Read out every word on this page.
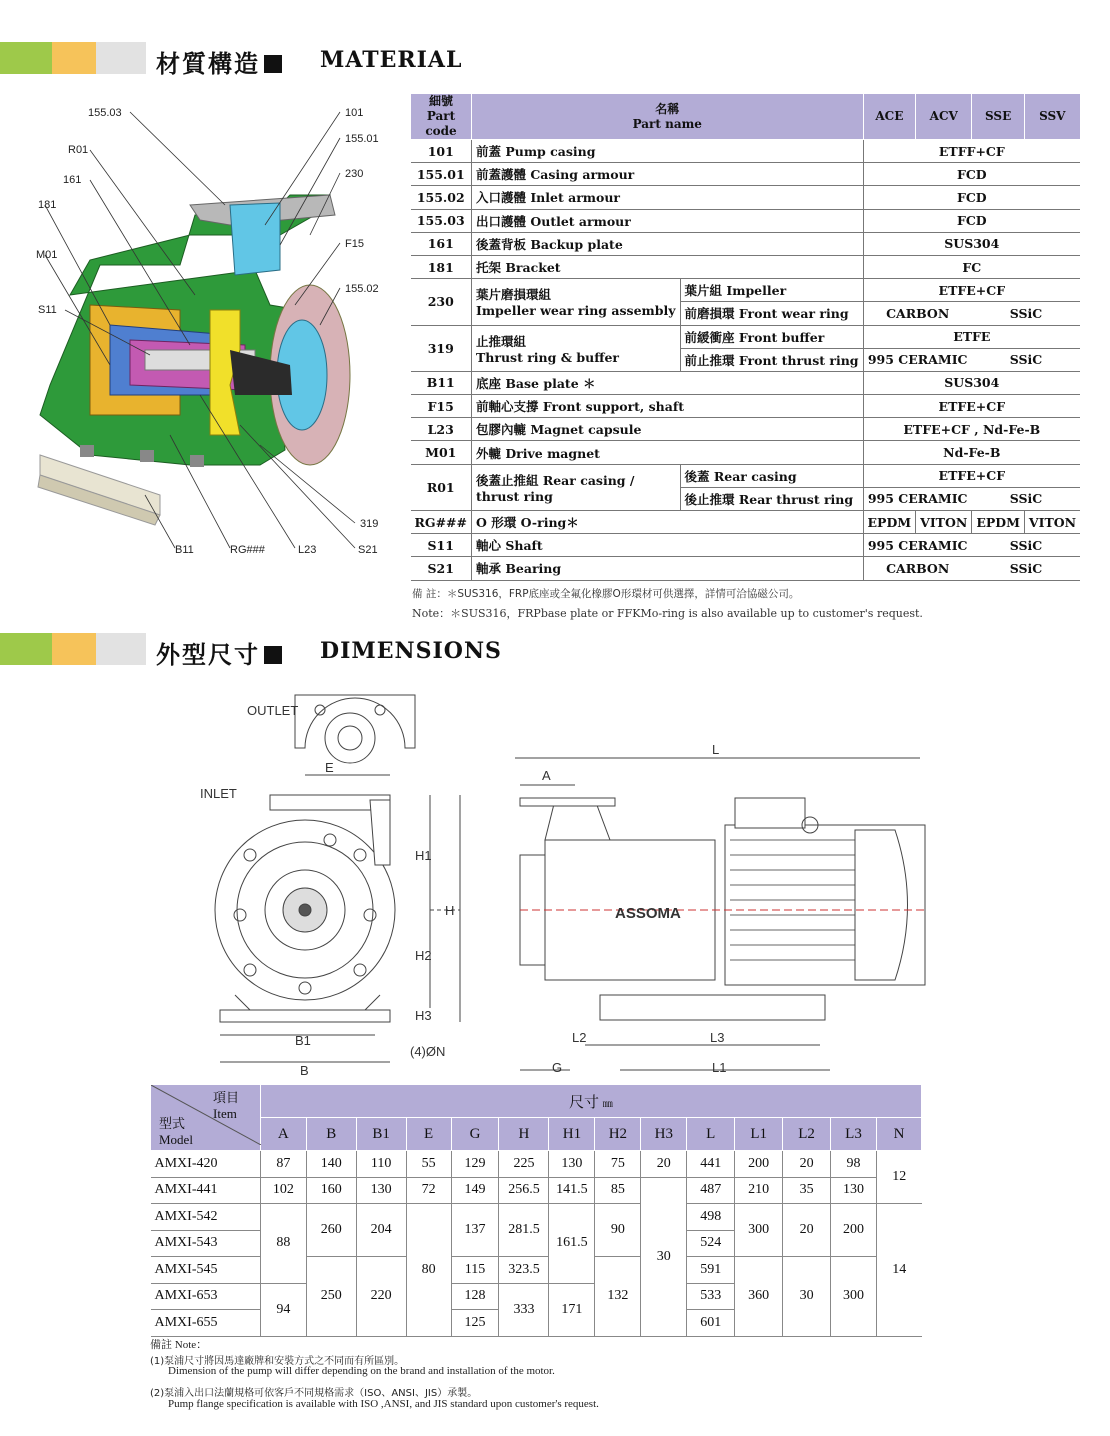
材質構造	MATERIAL
155.03
R01
161
181
M01
S11
101
155.01
230
F15
155.02
319
B11	RG###	L23	S21
細號
Part code	名稱
Part name		ACE	ACV	SSE	SSV
101	前蓋 Pump casing		ETFF+CF			
155.01	前蓋護體 Casing armour		FCD			
155.02	入口護體 Inlet armour		FCD			
155.03	出口護體 Outlet armour		FCD			
161	後蓋背板 Backup plate		SUS304			
181	托架 Bracket		FC			
230	葉片磨損環組
Impeller wear ring assembly	葉片組 Impeller	ETFE+CF			
		前磨損環 Front wear ring	CARBON		SSiC	
319	止推環組
Thrust ring & buffer	前緩衝座 Front buffer	ETFE			
		前止推環 Front thrust ring	995 CERAMIC		SSiC	
B11	底座 Base plate ＊		SUS304			
F15	前軸心支撐 Front support, shaft		ETFE+CF			
L23	包膠內轆 Magnet capsule		ETFE+CF , Nd-Fe-B			
M01	外轆 Drive magnet		Nd-Fe-B			
R01	後蓋止推組 Rear casing /
thrust ring	後蓋 Rear casing	ETFE+CF			
		後止推環 Rear thrust ring	995 CERAMIC		SSiC	
RG###	O 形環 O-ring＊		EPDM	VITON	EPDM	VITON
S11	軸心 Shaft		995 CERAMIC		SSiC	
S21	軸承 Bearing		CARBON		SSiC	
備 註：＊SUS316，FRP底座或全氟化橡膠O形環材可供選擇，詳情可洽協磁公司。
Note：＊SUS316，FRPbase plate or FFKMo-ring is also available up to customer's request.
外型尺寸	DIMENSIONS
OUTLET
INLET
E
H1
H
H2
H3
B1
B
(4)ØN
L
A
ASSOMA
L2	L3
G	L1
項目
Item
型式
Model	尺寸 ㎜													
	A	B	B1	E	G	H	H1	H2	H3	L	L1	L2	L3	N
AMXI-420	87	140	110	55	129	225	130	75	20	441	200	20	98	12
AMXI-441	102	160	130	72	149	256.5	141.5	85	30	487	210	35	130	
AMXI-542	88	260	204	80	137	281.5	161.5	90		498	300	20	200	14
AMXI-543										524				
AMXI-545		250	220		115	323.5		132		591	360	30	300	
AMXI-653	94				128	333	171			533				
AMXI-655					125					601				
備註 Note：
(1)泵浦尺寸將因馬達廠牌和安裝方式之不同而有所區別。
Dimension of the pump will differ depending on the brand and installation of the motor.
(2)泵浦入出口法蘭規格可依客戶不同規格需求（ISO、ANSI、JIS）承製。
Pump flange specification is available with ISO ,ANSI, and JIS standard upon customer's request.
